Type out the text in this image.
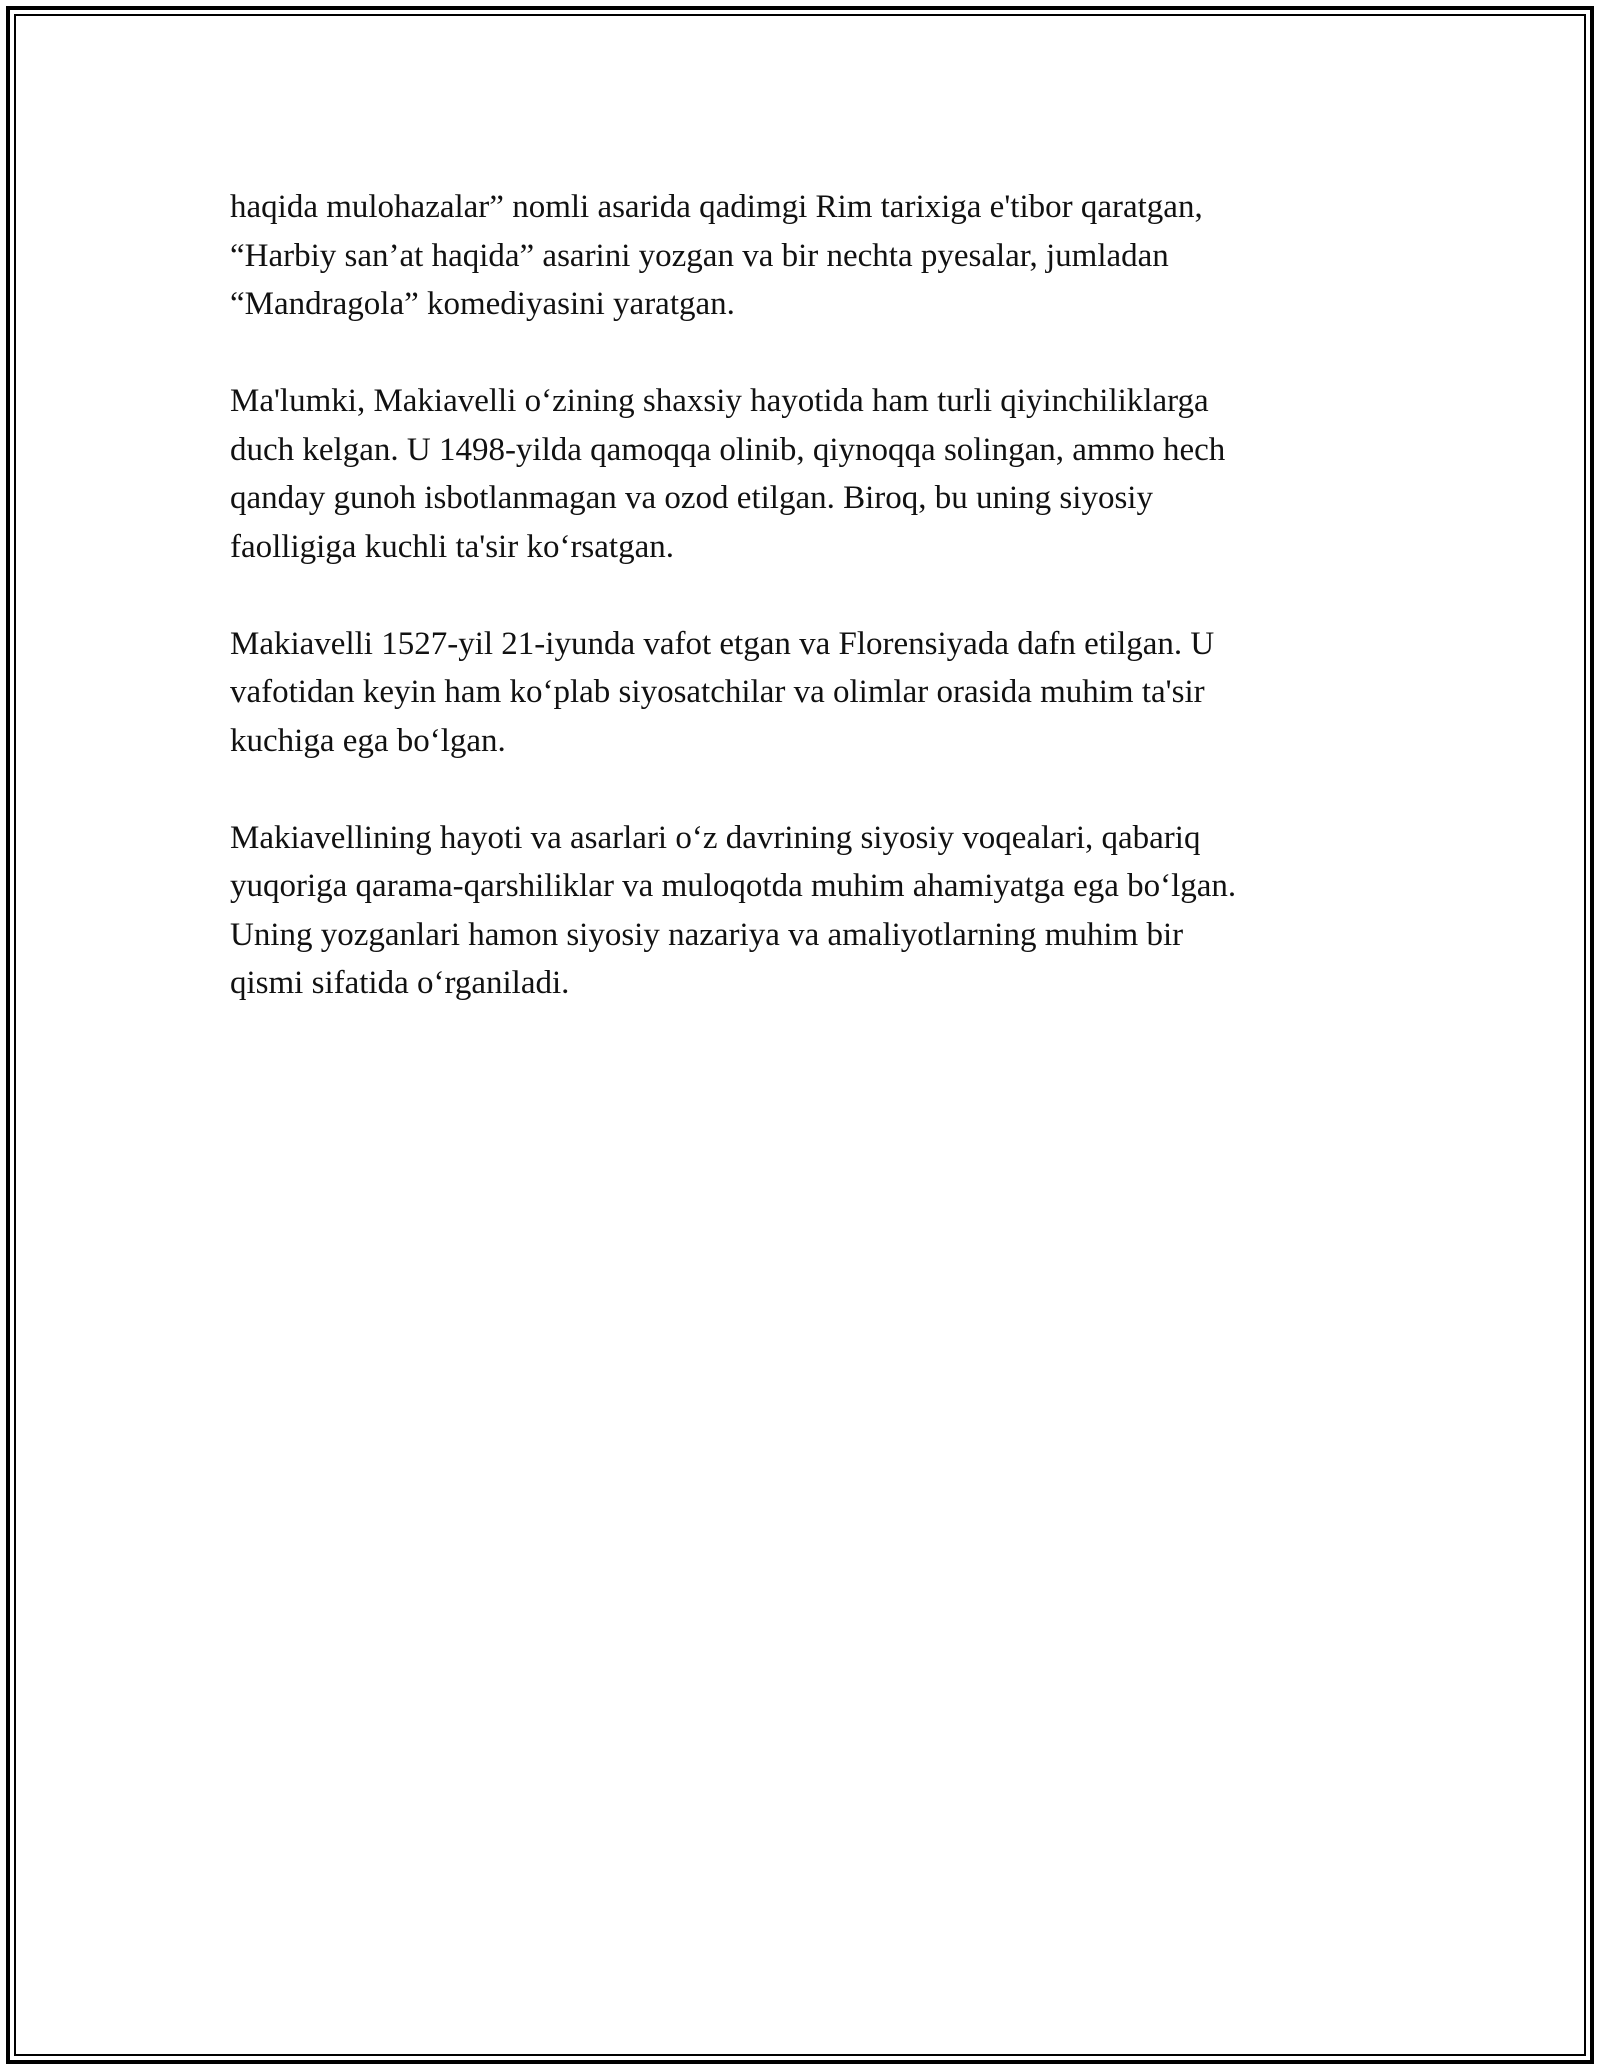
haqida mulohazalar” nomli asarida qadimgi Rim tarixiga e'tibor qaratgan,
“Harbiy san’at haqida” asarini yozgan va bir nechta pyesalar, jumladan
“Mandragola” komediyasini yaratgan.

Ma'lumki, Makiavelli o‘zining shaxsiy hayotida ham turli qiyinchiliklarga
duch kelgan. U 1498-yilda qamoqqa olinib, qiynoqqa solingan, ammo hech
qanday gunoh isbotlanmagan va ozod etilgan. Biroq, bu uning siyosiy
faolligiga kuchli ta'sir ko‘rsatgan.

Makiavelli 1527-yil 21-iyunda vafot etgan va Florensiyada dafn etilgan. U
vafotidan keyin ham ko‘plab siyosatchilar va olimlar orasida muhim ta'sir
kuchiga ega bo‘lgan.

Makiavellining hayoti va asarlari o‘z davrining siyosiy voqealari, qabariq
yuqoriga qarama-qarshiliklar va muloqotda muhim ahamiyatga ega bo‘lgan.
Uning yozganlari hamon siyosiy nazariya va amaliyotlarning muhim bir
qismi sifatida o‘rganiladi.
